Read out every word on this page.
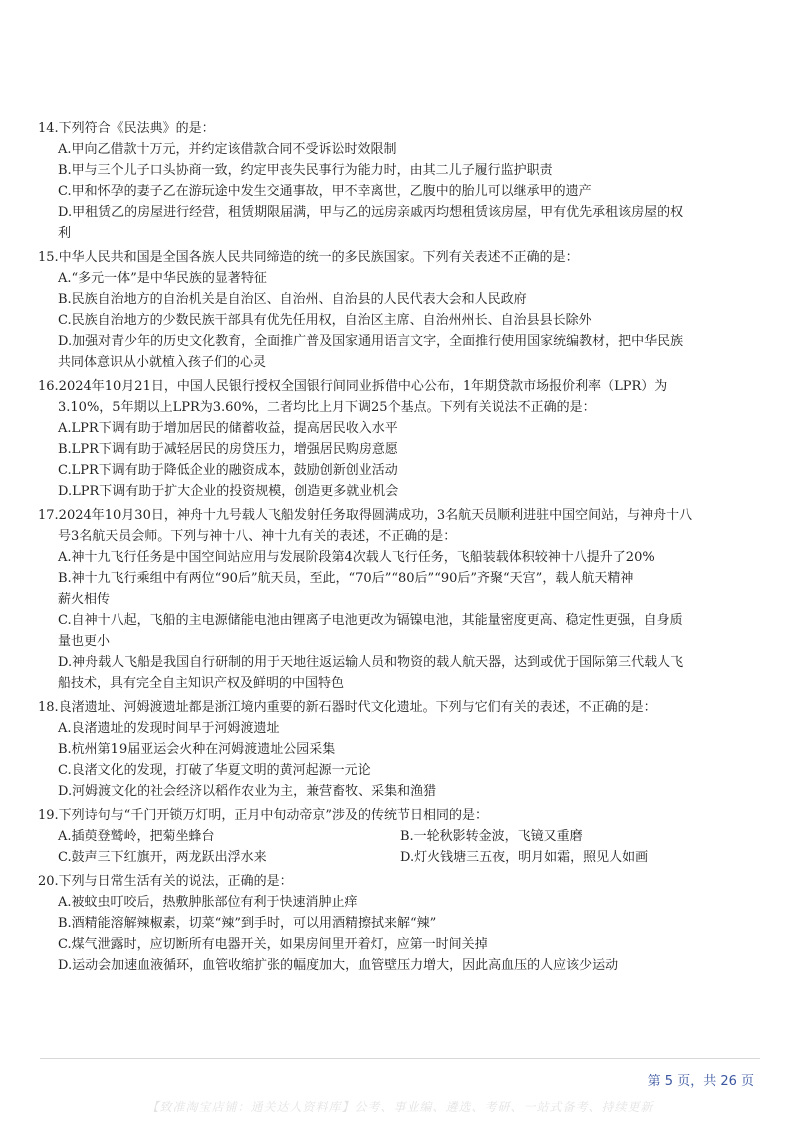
14.下列符合《民法典》的是：
A.甲向乙借款十万元，并约定该借款合同不受诉讼时效限制
B.甲与三个儿子口头协商一致，约定甲丧失民事行为能力时，由其二儿子履行监护职责
C.甲和怀孕的妻子乙在游玩途中发生交通事故，甲不幸离世，乙腹中的胎儿可以继承甲的遗产
D.甲租赁乙的房屋进行经营，租赁期限届满，甲与乙的远房亲戚丙均想租赁该房屋，甲有优先承租该房屋的权
利
15.中华人民共和国是全国各族人民共同缔造的统一的多民族国家。下列有关表述不正确的是：
A.“多元一体”是中华民族的显著特征
B.民族自治地方的自治机关是自治区、自治州、自治县的人民代表大会和人民政府
C.民族自治地方的少数民族干部具有优先任用权，自治区主席、自治州州长、自治县县长除外
D.加强对青少年的历史文化教育，全面推广普及国家通用语言文字，全面推行使用国家统编教材，把中华民族
共同体意识从小就植入孩子们的心灵
16.2024年10月21日，中国人民银行授权全国银行间同业拆借中心公布，1年期贷款市场报价利率（LPR）为
3.10%，5年期以上LPR为3.60%，二者均比上月下调25个基点。下列有关说法不正确的是：
A.LPR下调有助于增加居民的储蓄收益，提高居民收入水平
B.LPR下调有助于减轻居民的房贷压力，增强居民购房意愿
C.LPR下调有助于降低企业的融资成本，鼓励创新创业活动
D.LPR下调有助于扩大企业的投资规模，创造更多就业机会
17.2024年10月30日，神舟十九号载人飞船发射任务取得圆满成功，3名航天员顺利进驻中国空间站，与神舟十八
号3名航天员会师。下列与神十八、神十九有关的表述，不正确的是：
A.神十九飞行任务是中国空间站应用与发展阶段第4次载人飞行任务，飞船装载体积较神十八提升了20%
B.神十九飞行乘组中有两位“90后”航天员，至此，“70后”“80后”“90后”齐聚“天宫”，载人航天精神
薪火相传
C.自神十八起，飞船的主电源储能电池由锂离子电池更改为镉镍电池，其能量密度更高、稳定性更强，自身质
量也更小
D.神舟载人飞船是我国自行研制的用于天地往返运输人员和物资的载人航天器，达到或优于国际第三代载人飞
船技术，具有完全自主知识产权及鲜明的中国特色
18.良渚遗址、河姆渡遗址都是浙江境内重要的新石器时代文化遗址。下列与它们有关的表述，不正确的是：
A.良渚遗址的发现时间早于河姆渡遗址
B.杭州第19届亚运会火种在河姆渡遗址公园采集
C.良渚文化的发现，打破了华夏文明的黄河起源一元论
D.河姆渡文化的社会经济以稻作农业为主，兼营畜牧、采集和渔猎
19.下列诗句与“千门开锁万灯明，正月中旬动帝京”涉及的传统节日相同的是：
A.插萸登鹫岭，把菊坐蜂台	B.一轮秋影转金波，飞镜又重磨
C.鼓声三下红旗开，两龙跃出浮水来	D.灯火钱塘三五夜，明月如霜，照见人如画
20.下列与日常生活有关的说法，正确的是：
A.被蚊虫叮咬后，热敷肿胀部位有利于快速消肿止痒
B.酒精能溶解辣椒素，切菜“辣”到手时，可以用酒精擦拭来解“辣”
C.煤气泄露时，应切断所有电器开关，如果房间里开着灯，应第一时间关掉
D.运动会加速血液循环，血管收缩扩张的幅度加大，血管壁压力增大，因此高血压的人应该少运动
第 5 页，共 26 页
【致准淘宝店铺：通关达人资料库】公考、事业编、遴选、考研、一站式备考、持续更新
